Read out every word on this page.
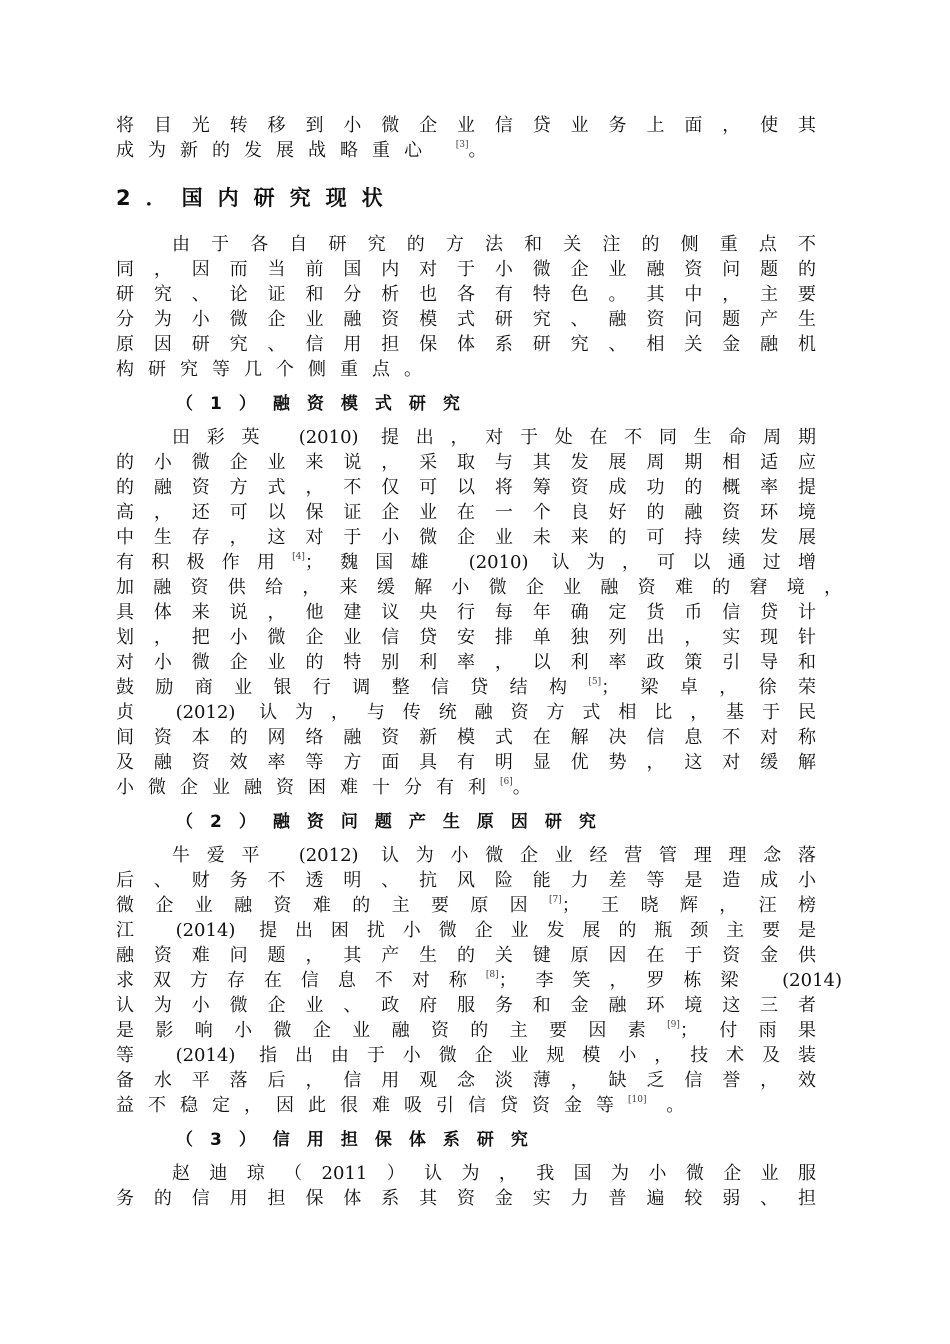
将目光转移到小微企业信贷业务上面，使其
成为新的发展战略重心 [3]。
2．国内研究现状
由于各自研究的方法和关注的侧重点不
同，因而当前国内对于小微企业融资问题的
研究、论证和分析也各有特色。其中，主要
分为小微企业融资模式研究、融资问题产生
原因研究、信用担保体系研究、相关金融机
构研究等几个侧重点。
（1）融资模式研究
田彩英 (2010) 提出，对于处在不同生命周期
的小微企业来说，采取与其发展周期相适应
的融资方式，不仅可以将筹资成功的概率提
高，还可以保证企业在一个良好的融资环境
中生存，这对于小微企业未来的可持续发展
有积极作用[4]；魏国雄 (2010) 认为，可以通过增
加融资供给，来缓解小微企业融资难的窘境，
具体来说，他建议央行每年确定货币信贷计
划，把小微企业信贷安排单独列出，实现针
对小微企业的特别利率，以利率政策引导和
鼓励商业银行调整信贷结构[5]；梁卓，徐荣
贞 (2012) 认为，与传统融资方式相比，基于民
间资本的网络融资新模式在解决信息不对称
及融资效率等方面具有明显优势，这对缓解
小微企业融资困难十分有利[6]。
（2）融资问题产生原因研究
牛爱平 (2012) 认为小微企业经营管理理念落
后、财务不透明、抗风险能力差等是造成小
微企业融资难的主要原因[7]；王晓辉，汪榜
江 (2014) 提出困扰小微企业发展的瓶颈主要是
融资难问题，其产生的关键原因在于资金供
求双方存在信息不对称[8]；李笑，罗栋梁 (2014)
认为小微企业、政府服务和金融环境这三者
是影响小微企业融资的主要因素[9]；付雨果
等 (2014) 指出由于小微企业规模小，技术及装
备水平落后，信用观念淡薄，缺乏信誉，效
益不稳定，因此很难吸引信贷资金等[10] 。
（3）信用担保体系研究
赵迪琼（2011）认为，我国为小微企业服
务的信用担保体系其资金实力普遍较弱、担
